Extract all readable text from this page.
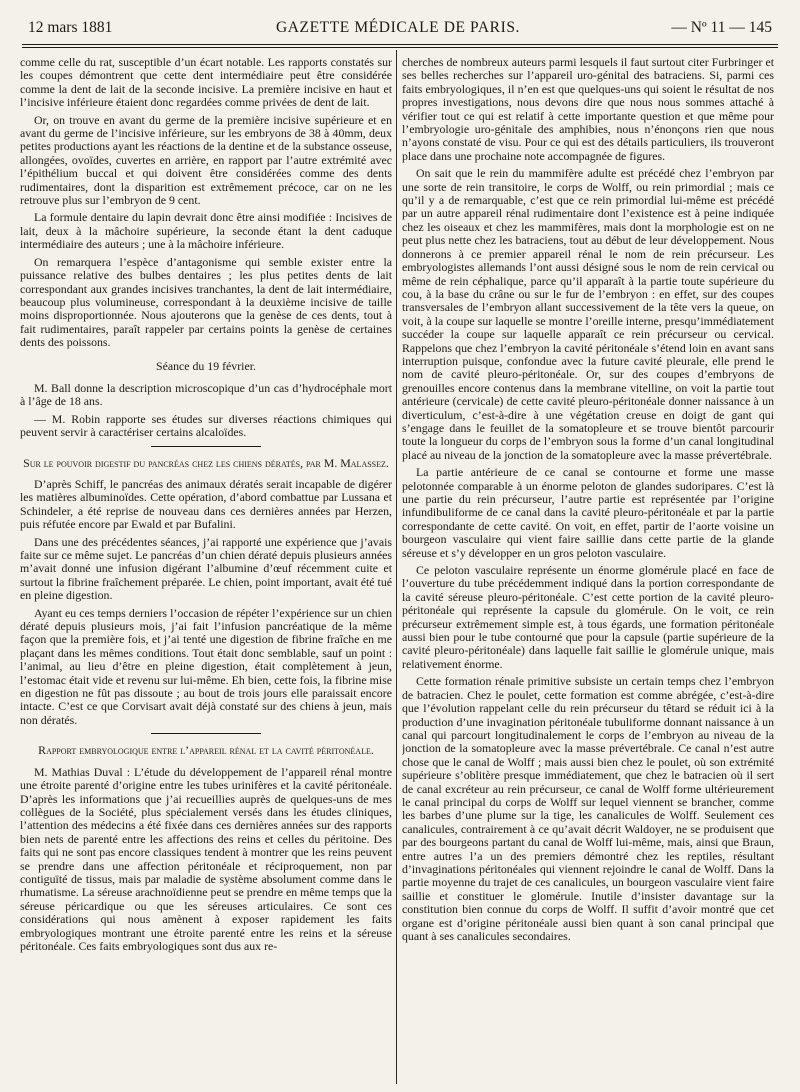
12 mars 1881	GAZETTE MÉDICALE DE PARIS.	— Nº 11 — 145

comme celle du rat, susceptible d’un écart notable. Les rapports constatés sur les coupes démontrent que cette dent intermédiaire peut être considérée comme la dent de lait de la seconde incisive. La première incisive en haut et l’incisive inférieure étaient donc regardées comme privées de dent de lait.

Or, on trouve en avant du germe de la première incisive supérieure et en avant du germe de l’incisive inférieure, sur les embryons de 38 à 40mm, deux petites productions ayant les réactions de la dentine et de la substance osseuse, allongées, ovoïdes, cuvertes en arrière, en rapport par l’autre extrémité avec l’épithélium buccal et qui doivent être considérées comme des dents rudimentaires, dont la disparition est extrêmement précoce, car on ne les retrouve plus sur l’embryon de 9 cent.

La formule dentaire du lapin devrait donc être ainsi modifiée : Incisives de lait, deux à la mâchoire supérieure, la seconde étant la dent caduque intermédiaire des auteurs ; une à la mâchoire inférieure.

On remarquera l’espèce d’antagonisme qui semble exister entre la puissance relative des bulbes dentaires ; les plus petites dents de lait correspondant aux grandes incisives tranchantes, la dent de lait intermédiaire, beaucoup plus volumineuse, correspondant à la deuxième incisive de taille moins disproportionnée. Nous ajouterons que la genèse de ces dents, tout à fait rudimentaires, paraît rappeler par certains points la genèse de certaines dents des poissons.

Séance du 19 février.

M. Ball donne la description microscopique d’un cas d’hydrocéphale mort à l’âge de 18 ans.

— M. Robin rapporte ses études sur diverses réactions chimiques qui peuvent servir à caractériser certains alcaloïdes.

Sur le pouvoir digestif du pancréas chez les chiens dératés, par M. Malassez.

D’après Schiff, le pancréas des animaux dératés serait incapable de digérer les matières albuminoïdes. Cette opération, d’abord combattue par Lussana et Schindeler, a été reprise de nouveau dans ces dernières années par Herzen, puis réfutée encore par Ewald et par Bufalini.

Dans une des précédentes séances, j’ai rapporté une expérience que j’avais faite sur ce même sujet. Le pancréas d’un chien dératé depuis plusieurs années m’avait donné une infusion digérant l’albumine d’œuf récemment cuite et surtout la fibrine fraîchement préparée. Le chien, point important, avait été tué en pleine digestion.

Ayant eu ces temps derniers l’occasion de répéter l’expérience sur un chien dératé depuis plusieurs mois, j’ai fait l’infusion pancréatique de la même façon que la première fois, et j’ai tenté une digestion de fibrine fraîche en me plaçant dans les mêmes conditions. Tout était donc semblable, sauf un point : l’animal, au lieu d’être en pleine digestion, était complètement à jeun, l’estomac était vide et revenu sur lui-même. Eh bien, cette fois, la fibrine mise en digestion ne fût pas dissoute ; au bout de trois jours elle paraissait encore intacte. C’est ce que Corvisart avait déjà constaté sur des chiens à jeun, mais non dératés.

Rapport embryologique entre l’appareil rénal et la cavité péritonéale.

M. Mathias Duval : L’étude du développement de l’appareil rénal montre une étroite parenté d’origine entre les tubes urinifères et la cavité péritonéale. D’après les informations que j’ai recueillies auprès de quelques-uns de mes collègues de la Société, plus spécialement versés dans les études cliniques, l’attention des médecins a été fixée dans ces dernières années sur des rapports bien nets de parenté entre les affections des reins et celles du péritoine. Des faits qui ne sont pas encore classiques tendent à montrer que les reins peuvent se prendre dans une affection péritonéale et réciproquement, non par contiguïté de tissus, mais par maladie de système absolument comme dans le rhumatisme. La séreuse arachnoïdienne peut se prendre en même temps que la séreuse péricardique ou que les séreuses articulaires. Ce sont ces considérations qui nous amènent à exposer rapidement les faits embryologiques montrant une étroite parenté entre les reins et la séreuse péritonéale. Ces faits embryologiques sont dus aux re-

cherches de nombreux auteurs parmi lesquels il faut surtout citer Furbringer et ses belles recherches sur l’appareil uro-génital des batraciens. Si, parmi ces faits embryologiques, il n’en est que quelques-uns qui soient le résultat de nos propres investigations, nous devons dire que nous nous sommes attaché à vérifier tout ce qui est relatif à cette importante question et que même pour l’embryologie uro-génitale des amphibies, nous n’énonçons rien que nous n’ayons constaté de visu. Pour ce qui est des détails particuliers, ils trouveront place dans une prochaine note accompagnée de figures.

On sait que le rein du mammifère adulte est précédé chez l’embryon par une sorte de rein transitoire, le corps de Wolff, ou rein primordial ; mais ce qu’il y a de remarquable, c’est que ce rein primordial lui-même est précédé par un autre appareil rénal rudimentaire dont l’existence est à peine indiquée chez les oiseaux et chez les mammifères, mais dont la morphologie est on ne peut plus nette chez les batraciens, tout au début de leur développement. Nous donnerons à ce premier appareil rénal le nom de rein précurseur. Les embryologistes allemands l’ont aussi désigné sous le nom de rein cervical ou même de rein céphalique, parce qu’il apparaît à la partie toute supérieure du cou, à la base du crâne ou sur le fur de l’embryon : en effet, sur des coupes transversales de l’embryon allant successivement de la tête vers la queue, on voit, à la coupe sur laquelle se montre l’oreille interne, presqu’immédiatement succéder la coupe sur laquelle apparaît ce rein précurseur ou cervical. Rappelons que chez l’embryon la cavité péritonéale s’étend loin en avant sans interruption puisque, confondue avec la future cavité pleurale, elle prend le nom de cavité pleuro-péritonéale. Or, sur des coupes d’embryons de grenouilles encore contenus dans la membrane vitelline, on voit la partie tout antérieure (cervicale) de cette cavité pleuro-péritonéale donner naissance à un diverticulum, c’est-à-dire à une végétation creuse en doigt de gant qui s’engage dans le feuillet de la somatopleure et se trouve bientôt parcourir toute la longueur du corps de l’embryon sous la forme d’un canal longitudinal placé au niveau de la jonction de la somatopleure avec la masse prévertébrale.

La partie antérieure de ce canal se contourne et forme une masse pelotonnée comparable à un énorme peloton de glandes sudoripares. C’est là une partie du rein précurseur, l’autre partie est représentée par l’origine infundibuliforme de ce canal dans la cavité pleuro-péritonéale et par la partie correspondante de cette cavité. On voit, en effet, partir de l’aorte voisine un bourgeon vasculaire qui vient faire saillie dans cette partie de la glande séreuse et s’y développer en un gros peloton vasculaire.

Ce peloton vasculaire représente un énorme glomérule placé en face de l’ouverture du tube précédemment indiqué dans la portion correspondante de la cavité séreuse pleuro-péritonéale. C’est cette portion de la cavité pleuro-péritonéale qui représente la capsule du glomérule. On le voit, ce rein précurseur extrêmement simple est, à tous égards, une formation péritonéale aussi bien pour le tube contourné que pour la capsule (partie supérieure de la cavité pleuro-péritonéale) dans laquelle fait saillie le glomérule unique, mais relativement énorme.

Cette formation rénale primitive subsiste un certain temps chez l’embryon de batracien. Chez le poulet, cette formation est comme abrégée, c’est-à-dire que l’évolution rappelant celle du rein précurseur du têtard se réduit ici à la production d’une invagination péritonéale tubuliforme donnant naissance à un canal qui parcourt longitudinalement le corps de l’embryon au niveau de la jonction de la somatopleure avec la masse prévertébrale. Ce canal n’est autre chose que le canal de Wolff ; mais aussi bien chez le poulet, où son extrémité supérieure s’oblitère presque immédiatement, que chez le batracien où il sert de canal excréteur au rein précurseur, ce canal de Wolff forme ultérieurement le canal principal du corps de Wolff sur lequel viennent se brancher, comme les barbes d’une plume sur la tige, les canalicules de Wolff. Seulement ces canalicules, contrairement à ce qu’avait décrit Waldoyer, ne se produisent que par des bourgeons partant du canal de Wolff lui-même, mais, ainsi que Braun, entre autres l’a un des premiers démontré chez les reptiles, résultant d’invaginations péritonéales qui viennent rejoindre le canal de Wolff. Dans la partie moyenne du trajet de ces canalicules, un bourgeon vasculaire vient faire saillie et constituer le glomérule. Inutile d’insister davantage sur la constitution bien connue du corps de Wolff. Il suffit d’avoir montré que cet organe est d’origine péritonéale aussi bien quant à son canal principal que quant à ses canalicules secondaires.
